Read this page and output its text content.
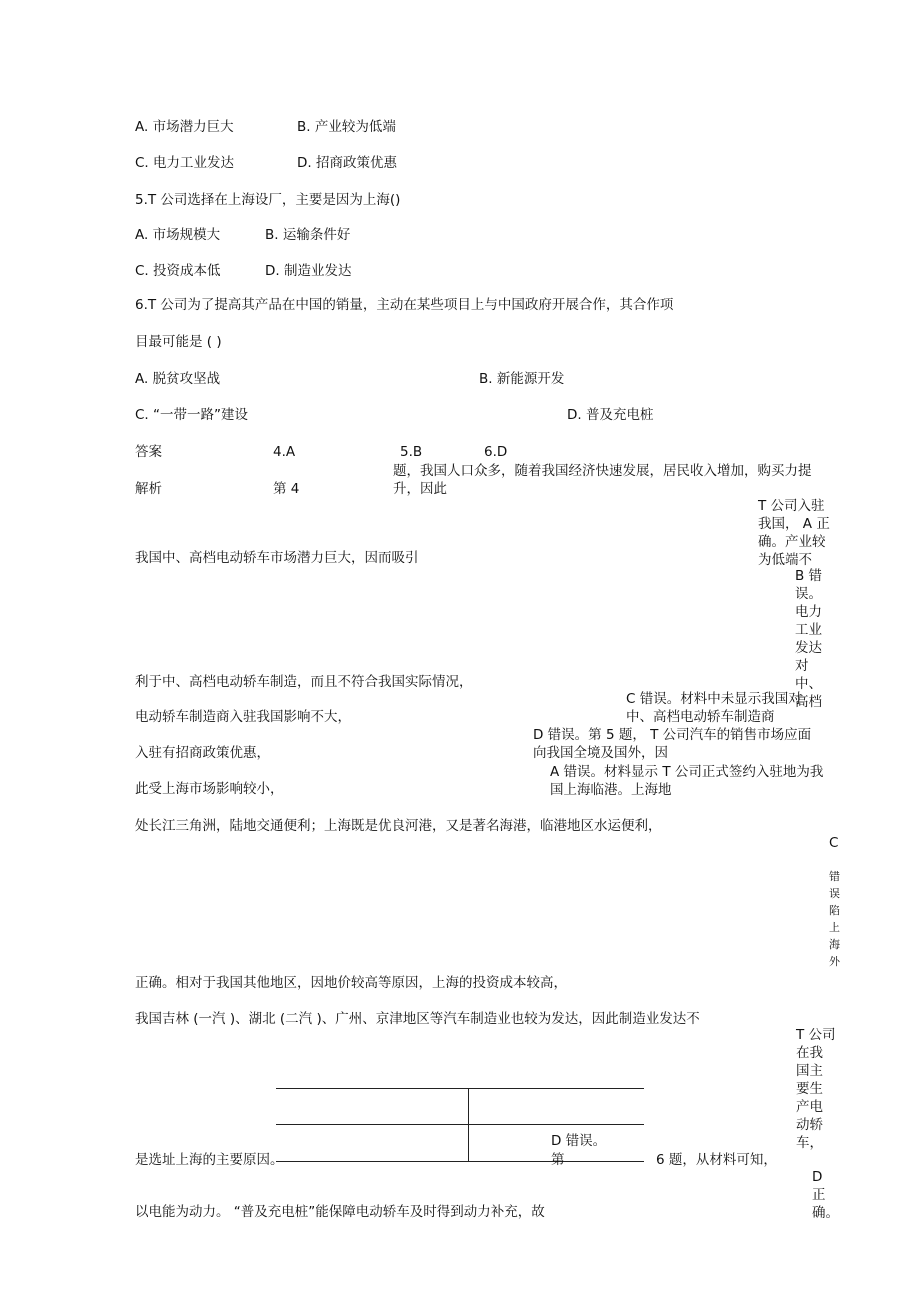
A. 市场潜力巨大	B. 产业较为低端
C. 电力工业发达	D. 招商政策优惠
5.T 公司选择在上海设厂，主要是因为上海()
A. 市场规模大	B. 运输条件好
C. 投资成本低	D. 制造业发达
6.T 公司为了提高其产品在中国的销量，主动在某些项目上与中国政府开展合作，其合作项
目最可能是 ( )
A. 脱贫攻坚战	B. 新能源开发
C. “一带一路”建设	D. 普及充电桩
答案	4.A	5.B	6.D
解析	第 4
题，我国人口众多，随着我国经济快速发展，居民收入增加，购买力提升，因此
T 公司入驻我国， A 正确。产业较为低端不
B 错误。电力工业发达对中、高档
我国中、高档电动轿车市场潜力巨大，因而吸引
利于中、高档电动轿车制造，而且不符合我国实际情况，
C 错误。材料中未显示我国对中、高档电动轿车制造商
电动轿车制造商入驻我国影响不大，
D 错误。第 5 题， T 公司汽车的销售市场应面向我国全境及国外，因
入驻有招商政策优惠，
A 错误。材料显示 T 公司正式签约入驻地为我国上海临港。上海地
此受上海市场影响较小，
处长江三角洲，陆地交通便利；上海既是优良河港，又是著名海港，临港地区水运便利，
C
错误陷上海外
正确。相对于我国其他地区，因地价较高等原因，上海的投资成本较高，
我国吉林 (一汽 )、湖北 (二汽 )、广州、京津地区等汽车制造业也较为发达，因此制造业发达不
T 公司在我国主要生产电动轿车，
D 错误。
是选址上海的主要原因。	第	6 题，从材料可知，
D 正确。
以电能为动力。 “普及充电桩”能保障电动轿车及时得到动力补充，故
